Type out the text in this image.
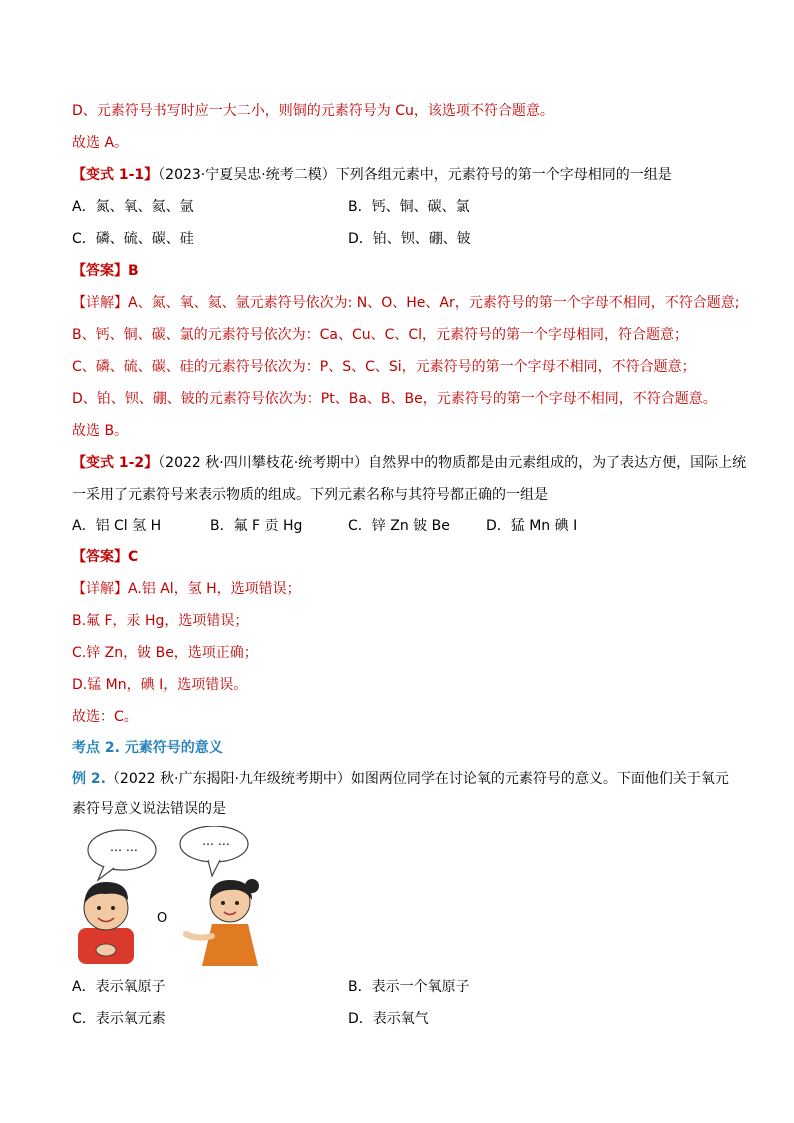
D、元素符号书写时应一大二小，则铜的元素符号为 Cu，该选项不符合题意。
故选 A。
【变式 1-1】（2023·宁夏吴忠·统考二模）下列各组元素中，元素符号的第一个字母相同的一组是
A．氮、氧、氦、氩	B．钙、铜、碳、氯
C．磷、硫、碳、硅	D．铂、钡、硼、铍
【答案】B
【详解】A、氮、氧、氦、氩元素符号依次为: N、O、He、Ar，元素符号的第一个字母不相同，不符合题意;
B、钙、铜、碳、氯的元素符号依次为：Ca、Cu、C、Cl，元素符号的第一个字母相同，符合题意；
C、磷、硫、碳、硅的元素符号依次为：P、S、C、Si，元素符号的第一个字母不相同，不符合题意；
D、铂、钡、硼、铍的元素符号依次为：Pt、Ba、B、Be，元素符号的第一个字母不相同，不符合题意。
故选 B。
【变式 1-2】（2022 秋·四川攀枝花·统考期中）自然界中的物质都是由元素组成的，为了表达方便，国际上统
一采用了元素符号来表示物质的组成。下列元素名称与其符号都正确的一组是
A．铝 Cl 氢 H	B．氟 F 贡 Hg	C．锌 Zn 铍 Be	D．猛 Mn 碘 I
【答案】C
【详解】A.铝 Al，氢 H，选项错误；
B.氟 F，汞 Hg，选项错误；
C.锌 Zn，铍 Be，选项正确；
D.锰 Mn，碘 I，选项错误。
故选：C。
考点 2. 元素符号的意义
例 2.（2022 秋·广东揭阳·九年级统考期中）如图两位同学在讨论氧的元素符号的意义。下面他们关于氧元
素符号意义说法错误的是
… …	… …
O
A．表示氧原子	B．表示一个氧原子
C．表示氧元素	D．表示氧气
